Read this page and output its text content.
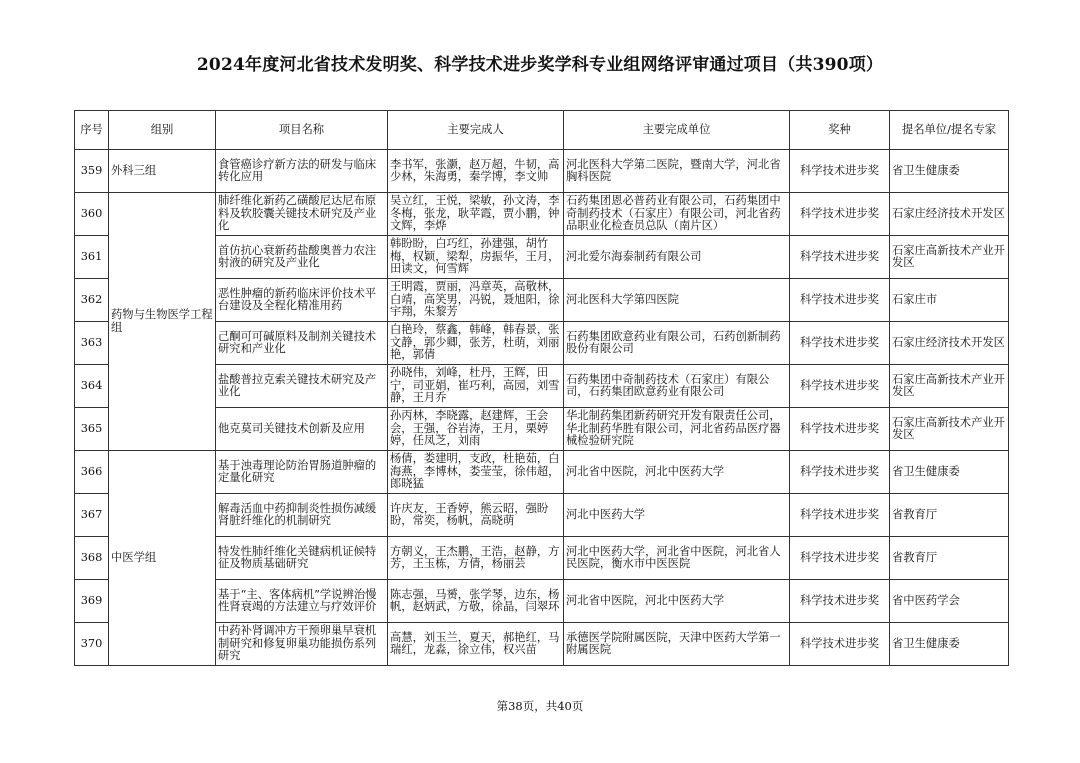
2024年度河北省技术发明奖、科学技术进步奖学科专业组网络评审通过项目（共390项）
序号	组别	项目名称	主要完成人	主要完成单位	奖种	提名单位/提名专家
359	外科三组	食管癌诊疗新方法的研发与临床转化应用	李书军，张灏，赵万超，牛韧，高少林，朱海勇，秦学博，李文帅	河北医科大学第二医院，暨南大学，河北省胸科医院	科学技术进步奖	省卫生健康委
360	药物与生物医学工程组	肺纤维化新药乙磺酸尼达尼布原料及软胶囊关键技术研究及产业化	吴立红，王悦，梁敏，孙文涛，李冬梅，张龙，耿苹霞，贾小鹏，钟文辉，李烨	石药集团恩必普药业有限公司，石药集团中奇制药技术（石家庄）有限公司，河北省药品职业化检查员总队（南片区）	科学技术进步奖	石家庄经济技术开发区
361		首仿抗心衰新药盐酸奥普力农注射液的研究及产业化	韩盼盼，白巧红，孙建强，胡竹梅，权颖，梁犁，房振华，王月，田读文，何雪辉	河北爱尔海泰制药有限公司	科学技术进步奖	石家庄高新技术产业开发区
362		恶性肿瘤的新药临床评价技术平台建设及全程化精准用药	王明霞，贾丽，冯章英，高敬林，白靖，高笑男，冯锐，聂旭阳，徐宇翔，朱黎芳	河北医科大学第四医院	科学技术进步奖	石家庄市
363		己酮可可碱原料及制剂关键技术研究和产业化	白艳玲，蔡鑫，韩峰，韩春景，张文静，郭少卿，张芳，杜萌，刘丽艳，郭倩	石药集团欧意药业有限公司，石药创新制药股份有限公司	科学技术进步奖	石家庄经济技术开发区
364		盐酸普拉克索关键技术研究及产业化	孙晓伟，刘峰，杜丹，王辉，田宁，司亚娟，崔巧利，高园，刘雪静，王月乔	石药集团中奇制药技术（石家庄）有限公司，石药集团欧意药业有限公司	科学技术进步奖	石家庄高新技术产业开发区
365		他克莫司关键技术创新及应用	孙丙林，李晓露，赵建辉，王会会，王强，谷岩涛，王月，栗婷婷，任凤芝，刘雨	华北制药集团新药研究开发有限责任公司，华北制药华胜有限公司，河北省药品医疗器械检验研究院	科学技术进步奖	石家庄高新技术产业开发区
366	中医学组	基于浊毒理论防治胃肠道肿瘤的定量化研究	杨倩，娄建明，支政，杜艳茹，白海燕，李博林，娄莹莹，徐伟超，郎晓猛	河北省中医院，河北中医药大学	科学技术进步奖	省卫生健康委
367		解毒活血中药抑制炎性损伤减缓肾脏纤维化的机制研究	许庆友，王香婷，熊云昭，强盼盼，常奕，杨帆，高晓萌	河北中医药大学	科学技术进步奖	省教育厅
368		特发性肺纤维化关键病机证候特征及物质基础研究	方朝义，王杰鹏，王浩，赵静，方芳，王玉栋，方倩，杨丽芸	河北中医药大学，河北省中医院，河北省人民医院，衡水市中医医院	科学技术进步奖	省教育厅
369		基于“主、客体病机”学说辨治慢性肾衰竭的方法建立与疗效评价	陈志强，马赟，张学琴，边东，杨帆，赵炳武，方敬，徐晶，闫翠环	河北省中医院，河北中医药大学	科学技术进步奖	省中医药学会
370		中药补肾调冲方干预卵巢早衰机制研究和修复卵巢功能损伤系列研究	高慧，刘玉兰，夏天，郝艳红，马瑞红，龙淼，徐立伟，权兴苗	承德医学院附属医院，天津中医药大学第一附属医院	科学技术进步奖	省卫生健康委
第38页，共40页
